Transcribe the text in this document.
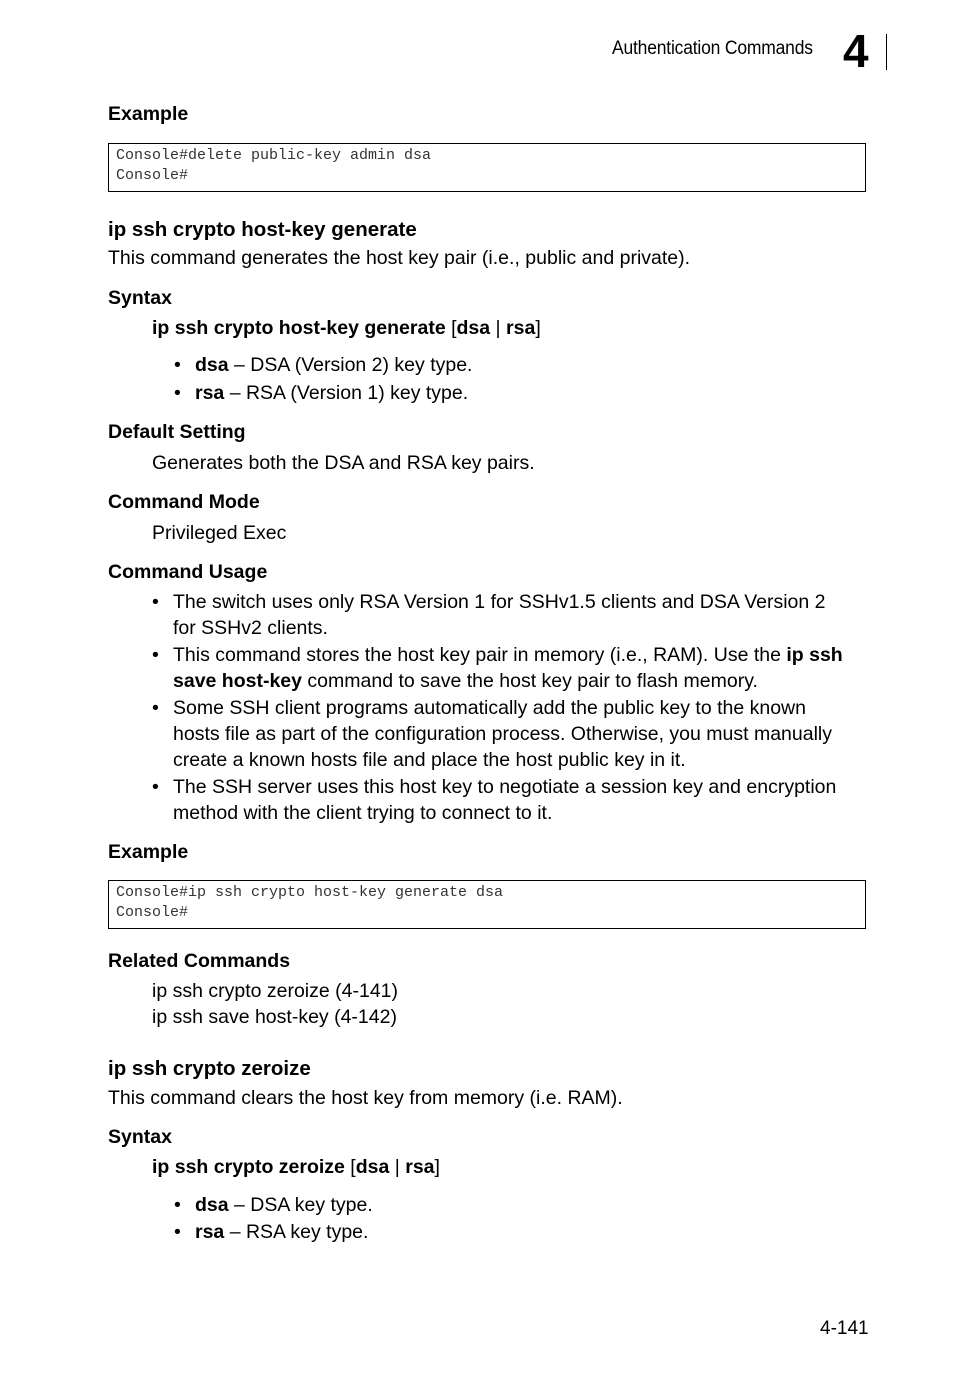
Authentication Commands 4
Example
Console#delete public-key admin dsa
Console#
ip ssh crypto host-key generate
This command generates the host key pair (i.e., public and private).
Syntax
ip ssh crypto host-key generate [dsa | rsa]
• dsa – DSA (Version 2) key type.
• rsa – RSA (Version 1) key type.
Default Setting
Generates both the DSA and RSA key pairs.
Command Mode
Privileged Exec
Command Usage
• The switch uses only RSA Version 1 for SSHv1.5 clients and DSA Version 2
for SSHv2 clients.
• This command stores the host key pair in memory (i.e., RAM). Use the ip ssh
save host-key command to save the host key pair to flash memory.
• Some SSH client programs automatically add the public key to the known
hosts file as part of the configuration process. Otherwise, you must manually
create a known hosts file and place the host public key in it.
• The SSH server uses this host key to negotiate a session key and encryption
method with the client trying to connect to it.
Example
Console#ip ssh crypto host-key generate dsa
Console#
Related Commands
ip ssh crypto zeroize (4-141)
ip ssh save host-key (4-142)
ip ssh crypto zeroize
This command clears the host key from memory (i.e. RAM).
Syntax
ip ssh crypto zeroize [dsa | rsa]
• dsa – DSA key type.
• rsa – RSA key type.
4-141
